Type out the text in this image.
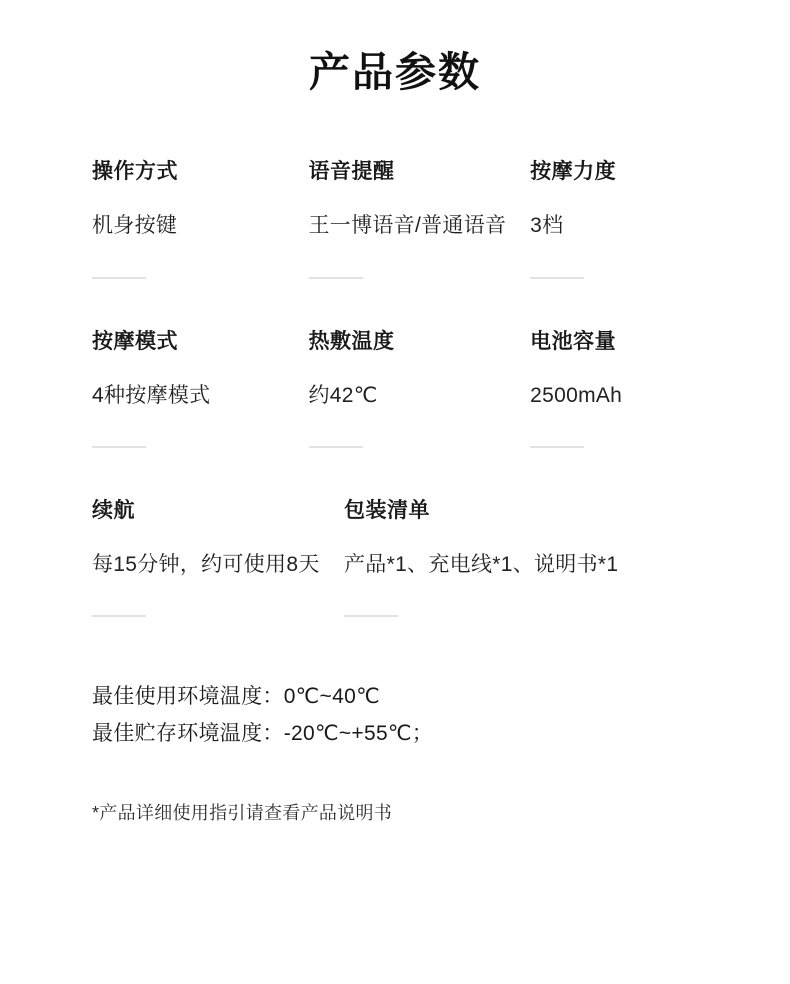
产品参数
操作方式
机身按键
语音提醒
王一博语音/普通语音
按摩力度
3档
按摩模式
4种按摩模式
热敷温度
约42℃
电池容量
2500mAh
续航
每15分钟，约可使用8天
包装清单
产品*1、充电线*1、说明书*1
最佳使用环境温度：0℃~40℃
最佳贮存环境温度：-20℃~+55℃；
*产品详细使用指引请查看产品说明书
